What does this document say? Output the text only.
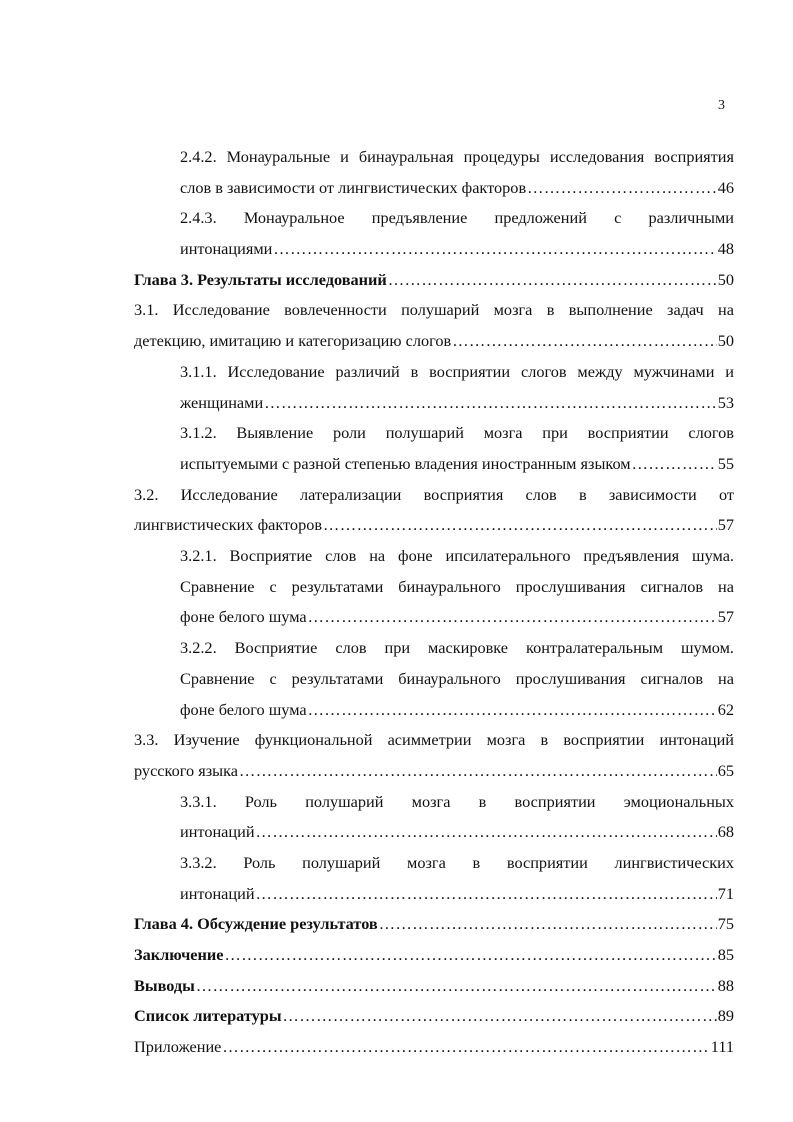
3
2.4.2. Монауральные и бинауральная процедуры исследования восприятия
слов в зависимости от лингвистических факторов ……………………………………………………………………………………………………………………………………………………	46
2.4.3. Монауральное предъявление предложений с различными
интонациями ……………………………………………………………………………………………………………………………………………………	48
Глава 3. Результаты исследований ……………………………………………………………………………………………………………………………………………………	50
3.1. Исследование вовлеченности полушарий мозга в выполнение задач на
детекцию, имитацию и категоризацию слогов ……………………………………………………………………………………………………………………………………………………	50
3.1.1. Исследование различий в восприятии слогов между мужчинами и
женщинами ……………………………………………………………………………………………………………………………………………………	53
3.1.2. Выявление роли полушарий мозга при восприятии слогов
испытуемыми с разной степенью владения иностранным языком ……………………………………………………………………………………………………………………………………………………	55
3.2. Исследование латерализации восприятия слов в зависимости от
лингвистических факторов ……………………………………………………………………………………………………………………………………………………	57
3.2.1. Восприятие слов на фоне ипсилатерального предъявления шума.
Сравнение с результатами бинаурального прослушивания сигналов на
фоне белого шума ……………………………………………………………………………………………………………………………………………………	57
3.2.2. Восприятие слов при маскировке контралатеральным шумом.
Сравнение с результатами бинаурального прослушивания сигналов на
фоне белого шума ……………………………………………………………………………………………………………………………………………………	62
3.3. Изучение функциональной асимметрии мозга в восприятии интонаций
русского языка ……………………………………………………………………………………………………………………………………………………	65
3.3.1. Роль полушарий мозга в восприятии эмоциональных
интонаций ……………………………………………………………………………………………………………………………………………………	68
3.3.2. Роль полушарий мозга в восприятии лингвистических
интонаций ……………………………………………………………………………………………………………………………………………………	71
Глава 4. Обсуждение результатов ……………………………………………………………………………………………………………………………………………………	75
Заключение ……………………………………………………………………………………………………………………………………………………	85
Выводы ……………………………………………………………………………………………………………………………………………………	88
Список литературы ……………………………………………………………………………………………………………………………………………………	89
Приложение ……………………………………………………………………………………………………………………………………………………	111
